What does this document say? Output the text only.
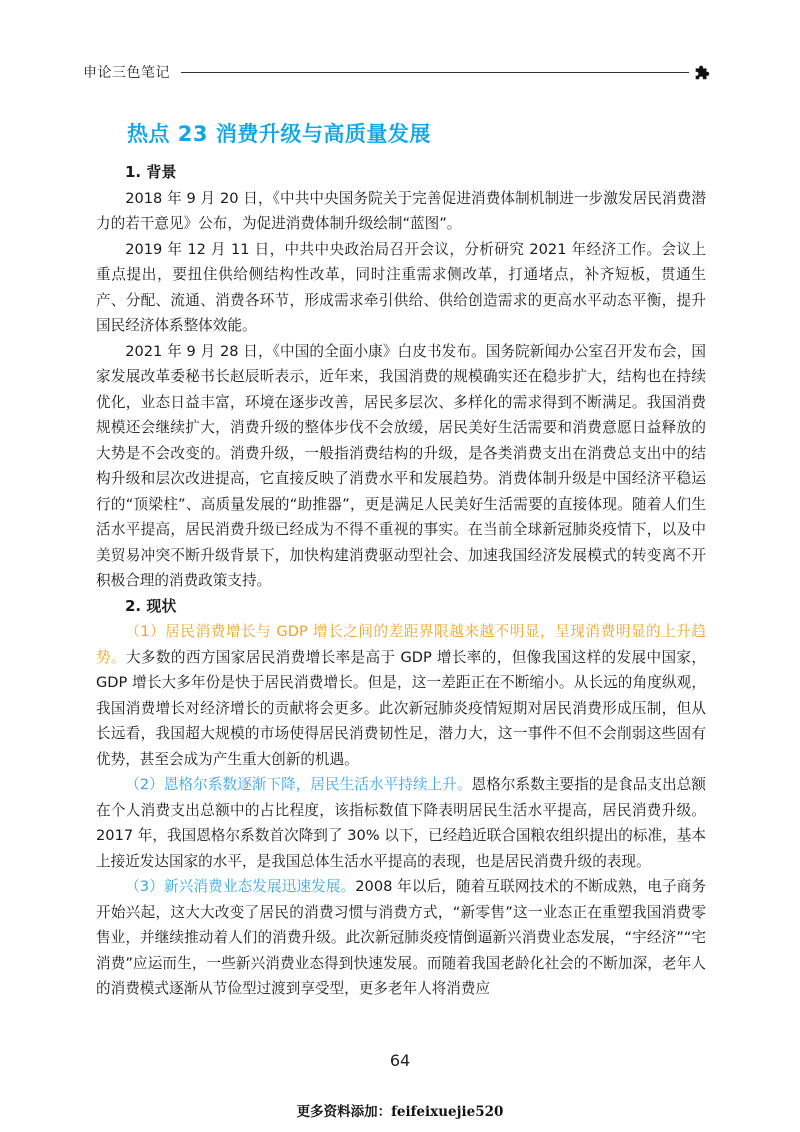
申论三色笔记
热点 23 消费升级与高质量发展
1. 背景

2018 年 9 月 20 日，《中共中央国务院关于完善促进消费体制机制进一步激发居民消费潜力的若干意见》公布，为促进消费体制升级绘制“蓝图”。

2019 年 12 月 11 日，中共中央政治局召开会议，分析研究 2021 年经济工作。会议上重点提出，要扭住供给侧结构性改革，同时注重需求侧改革，打通堵点，补齐短板，贯通生产、分配、流通、消费各环节，形成需求牵引供给、供给创造需求的更高水平动态平衡，提升国民经济体系整体效能。

2021 年 9 月 28 日，《中国的全面小康》白皮书发布。国务院新闻办公室召开发布会，国家发展改革委秘书长赵辰昕表示，近年来，我国消费的规模确实还在稳步扩大，结构也在持续优化，业态日益丰富，环境在逐步改善，居民多层次、多样化的需求得到不断满足。我国消费规模还会继续扩大，消费升级的整体步伐不会放缓，居民美好生活需要和消费意愿日益释放的大势是不会改变的。消费升级，一般指消费结构的升级，是各类消费支出在消费总支出中的结构升级和层次改进提高，它直接反映了消费水平和发展趋势。消费体制升级是中国经济平稳运行的“顶梁柱”、高质量发展的“助推器”，更是满足人民美好生活需要的直接体现。随着人们生活水平提高，居民消费升级已经成为不得不重视的事实。在当前全球新冠肺炎疫情下，以及中美贸易冲突不断升级背景下，加快构建消费驱动型社会、加速我国经济发展模式的转变离不开积极合理的消费政策支持。

2. 现状

（1）居民消费增长与 GDP 增长之间的差距界限越来越不明显，呈现消费明显的上升趋势。大多数的西方国家居民消费增长率是高于 GDP 增长率的，但像我国这样的发展中国家，GDP 增长大多年份是快于居民消费增长。但是，这一差距正在不断缩小。从长远的角度纵观，我国消费增长对经济增长的贡献将会更多。此次新冠肺炎疫情短期对居民消费形成压制，但从长远看，我国超大规模的市场使得居民消费韧性足，潜力大，这一事件不但不会削弱这些固有优势，甚至会成为产生重大创新的机遇。

（2）恩格尔系数逐渐下降，居民生活水平持续上升。恩格尔系数主要指的是食品支出总额在个人消费支出总额中的占比程度，该指标数值下降表明居民生活水平提高，居民消费升级。2017 年，我国恩格尔系数首次降到了 30% 以下，已经趋近联合国粮农组织提出的标准，基本上接近发达国家的水平，是我国总体生活水平提高的表现，也是居民消费升级的表现。

（3）新兴消费业态发展迅速发展。2008 年以后，随着互联网技术的不断成熟，电子商务开始兴起，这大大改变了居民的消费习惯与消费方式，“新零售”这一业态正在重塑我国消费零售业，并继续推动着人们的消费升级。此次新冠肺炎疫情倒逼新兴消费业态发展，“宇经济”“宅消费”应运而生，一些新兴消费业态得到快速发展。而随着我国老龄化社会的不断加深，老年人的消费模式逐渐从节俭型过渡到享受型，更多老年人将消费应

64
更多资料添加：feifeixuejie520
